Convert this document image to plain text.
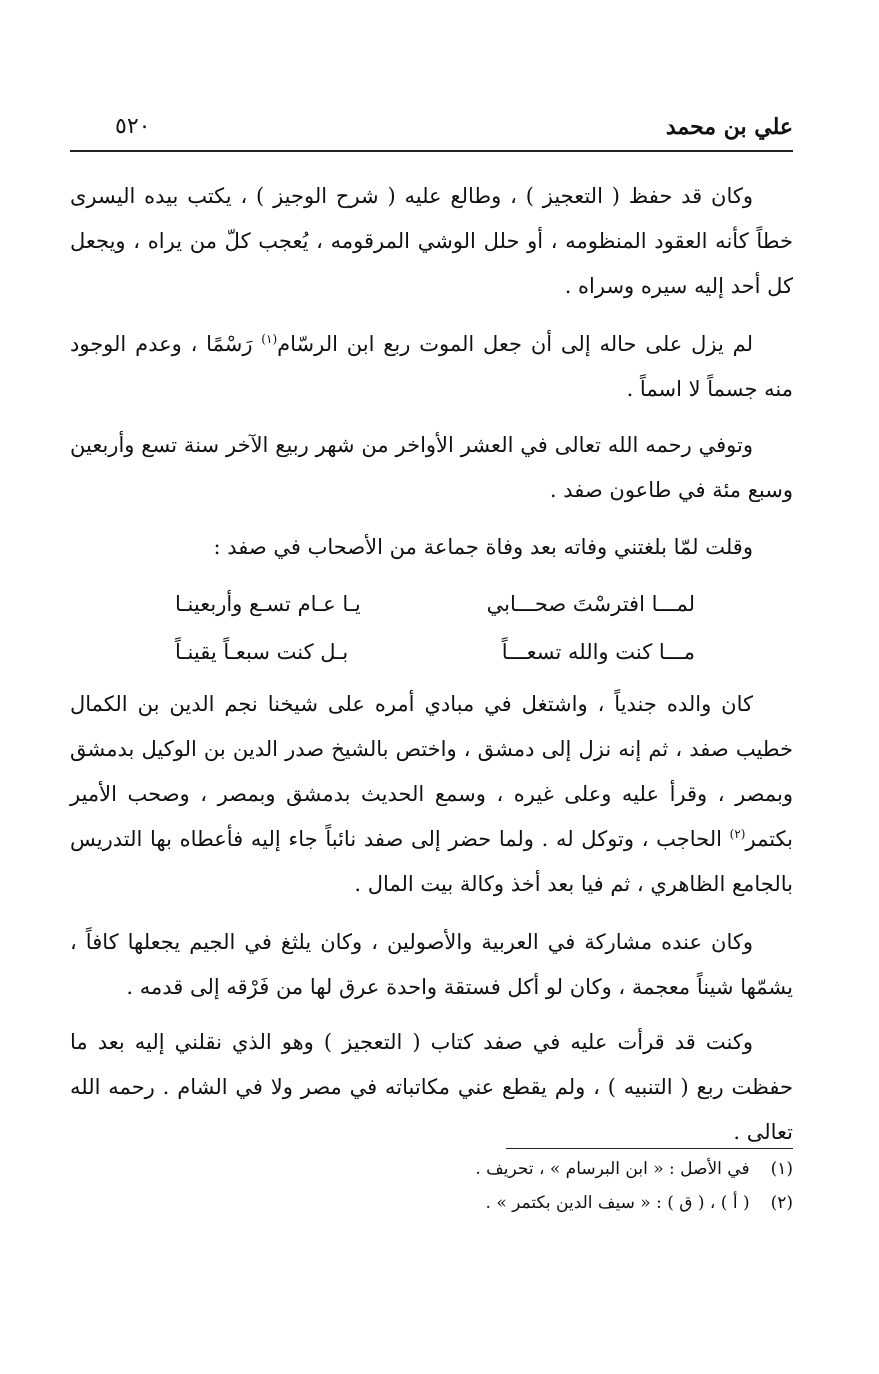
علي بن محمد
٥٢٠

وكان قد حفظ ( التعجيز ) ، وطالع عليه ( شرح الوجيز ) ، يكتب بيده اليسرى خطاً كأنه العقود المنظومه ، أو حلل الوشي المرقومه ، يُعجب كلّ من يراه ، ويجعل كل أحد إليه سيره وسراه .

لم يزل على حاله إلى أن جعل الموت ربع ابن الرسّام$^{(١)}$ رَسْمًا ، وعدم الوجود منه جسماً لا اسماً .

وتوفي رحمه الله تعالى في العشر الأواخر من شهر ربيع الآخر سنة تسع وأربعين وسبع مئة في طاعون صفد .

وقلت لمّا بلغتني وفاته بعد وفاة جماعة من الأصحاب في صفد :

لمـــا افترسْتَ صحـــابي
يـا عـام تسـع وأربعينـا
مـــا كنت والله تسعـــاً
بـل كنت سبعـاً يقينـاً

كان والده جندياً ، واشتغل في مبادي أمره على شيخنا نجم الدين بن الكمال خطيب صفد ، ثم إنه نزل إلى دمشق ، واختص بالشيخ صدر الدين بن الوكيل بدمشق وبمصر ، وقرأ عليه وعلى غيره ، وسمع الحديث بدمشق وبمصر ، وصحب الأمير بكتمر$^{(٢)}$ الحاجب ، وتوكل له . ولما حضر إلى صفد نائباً جاء إليه فأعطاه بها التدريس بالجامع الظاهري ، ثم فيا بعد أخذ وكالة بيت المال .

وكان عنده مشاركة في العربية والأصولين ، وكان يلثغ في الجيم يجعلها كافاً ، يشمّها شيناً معجمة ، وكان لو أكل فستقة واحدة عرق لها من فَرْقه إلى قدمه .

وكنت قد قرأت عليه في صفد كتاب ( التعجيز ) وهو الذي نقلني إليه بعد ما حفظت ربع ( التنبيه ) ، ولم يقطع عني مكاتباته في مصر ولا في الشام . رحمه الله تعالى .

(١) في الأصل : « ابن البرسام » ، تحريف .
(٢) ( أ ) ، ( ق ) : « سيف الدين بكتمر » .
